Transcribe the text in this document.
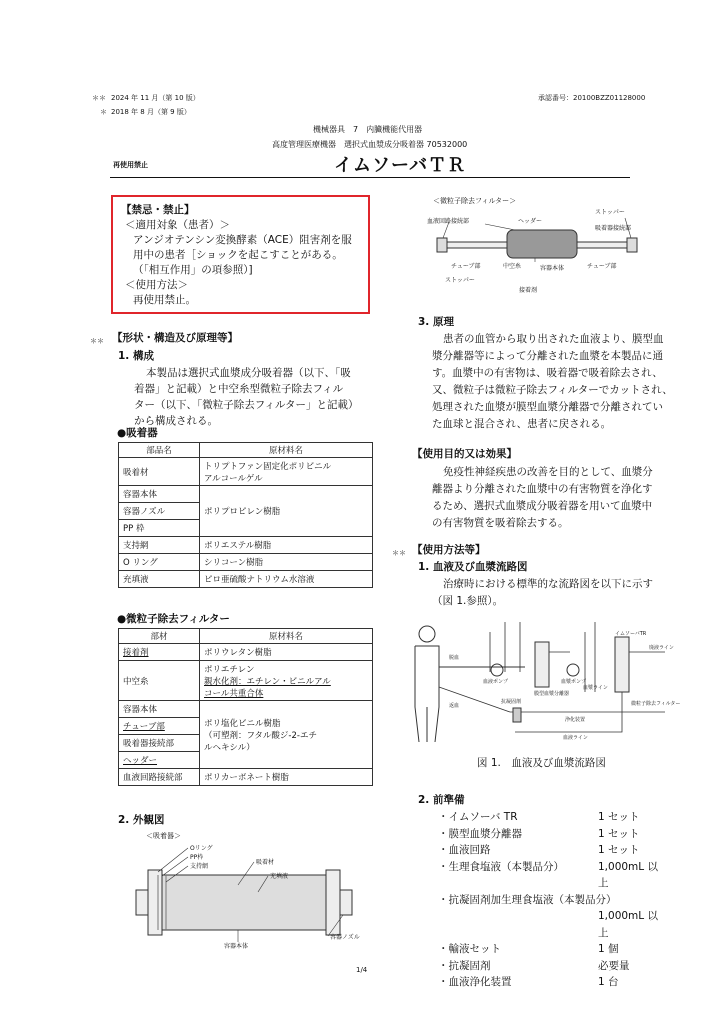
＊＊ 2024 年 11 月（第 10 版）
＊ 2018 年 8 月（第 9 版）
承認番号：20100BZZ01128000
機械器具　7　内臓機能代用器
高度管理医療機器　選択式血漿成分吸着器 70532000
再使用禁止	イムソーバＴＲ
【禁忌・禁止】
＜適用対象（患者）＞
アンジオテンシン変換酵素（ACE）阻害剤を服
用中の患者［ショックを起こすことがある。
（「相互作用」の項参照）]
＜使用方法＞
再使用禁止。
＊＊ 【形状・構造及び原理等】
1. 構成
本製品は選択式血漿成分吸着器（以下、「吸
着器」と記載）と中空糸型微粒子除去フィル
ター（以下、「微粒子除去フィルター」と記載）
から構成される。
●吸着器
部品名	原材料名
吸着材	トリプトファン固定化ポリビニル
アルコールゲル

容器本体	ポリプロピレン樹脂
容器ノズル	
PP 枠	
支持網	ポリエステル樹脂
O リング	シリコーン樹脂
充填液	ピロ亜硫酸ナトリウム水溶液
●微粒子除去フィルター
部材	原材料名
接着剤	ポリウレタン樹脂
中空糸	ポリエチレン
親水化剤：エチレン・ビニルアル
コール共重合体

容器本体	ポリ塩化ビニル樹脂
（可塑剤：フタル酸ジ-2-エチ
ルヘキシル）

チューブ部	
吸着器接続部	
ヘッダー	
血液回路接続部	ポリカーボネート樹脂
2. 外観図
＜吸着器＞
Oリング
PP枠
支持網
吸着材
充填液
容器本体
容器ノズル
＜微粒子除去フィルター＞
ストッパー
血液回路接続部	ヘッダー
吸着器接続部
チューブ部	中空糸	容器本体	チューブ部
ストッパー
接着剤
3. 原理
患者の血管から取り出された血液より、膜型血
漿分離器等によって分離された血漿を本製品に通
す。血漿中の有害物は、吸着器で吸着除去され、
又、微粒子は微粒子除去フィルターでカットされ、
処理された血漿が膜型血漿分離器で分離されてい
た血球と混合され、患者に戻される。
【使用目的又は効果】
免疫性神経疾患の改善を目的として、血漿分
離器より分離された血漿中の有害物質を浄化す
るため、選択式血漿成分吸着器を用いて血漿中
の有害物質を吸着除去する。
＊＊ 【使用方法等】
1. 血液及び血漿流路図
治療時における標準的な流路図を以下に示す
（図 1.参照）。
脱血
血液ポンプ
抗凝固剤
膜型血漿分離器
血漿ポンプ
微粒子除去フィルター
イムソーバTR
廃液ライン
返血
血液ライン
血漿ライン
浄化装置
図 1.　血液及び血漿流路図
2. 前準備
・イムソーバ TR	1 セット
・膜型血漿分離器	1 セット
・血液回路	1 セット
・生理食塩液（本製品分）	1,000mL 以上
・抗凝固剤加生理食塩液（本製品分）
1,000mL 以上
・輸液セット	1 個
・抗凝固剤	必要量
・血液浄化装置	1 台
1/4
